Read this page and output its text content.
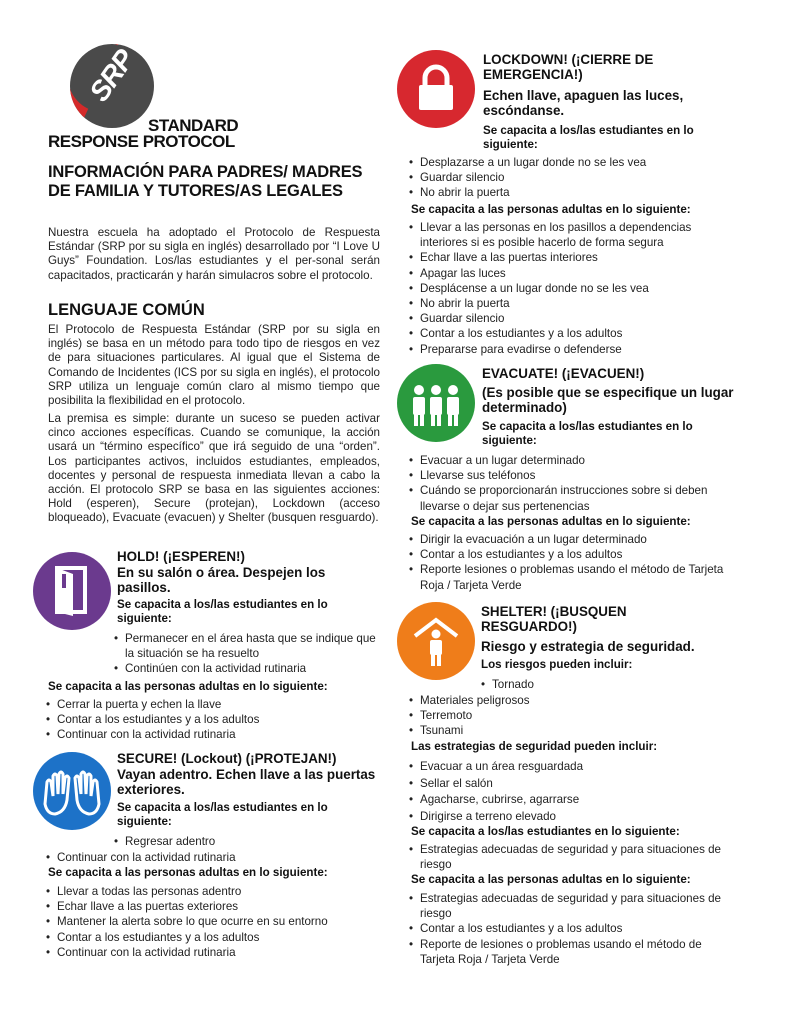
SRP
STANDARD
RESPONSE PROTOCOL
INFORMACIÓN PARA PADRES/ MADRES DE FAMILIA Y TUTORES/AS LEGALES
Nuestra escuela ha adoptado el Protocolo de Respuesta Estándar (SRP por su sigla en inglés) desarrollado por “I Love U Guys” Foundation. Los/las estudiantes y el per-sonal serán capacitados, practicarán y harán simulacros sobre el protocolo.
LENGUAJE COMÚN
El Protocolo de Respuesta Estándar (SRP por su sigla en inglés) se basa en un método para todo tipo de riesgos en vez de para situaciones particulares. Al igual que el Sistema de Comando de Incidentes (ICS por su sigla en inglés), el protocolo SRP utiliza un lenguaje común claro al mismo tiempo que posibilita la flexibilidad en el protocolo.
La premisa es simple: durante un suceso se pueden activar cinco acciones específicas. Cuando se comunique, la acción usará un “término específico” que irá seguido de una “orden”. Los participantes activos, incluidos estudiantes, empleados, docentes y personal de respuesta inmediata llevan a cabo la acción. El protocolo SRP se basa en las siguientes acciones: Hold (esperen), Secure (protejan), Lockdown (acceso bloqueado), Evacuate (evacuen) y Shelter (busquen resguardo).
HOLD! (¡ESPEREN!)
En su salón o área. Despejen los pasillos.
Se capacita a los/las estudiantes en lo siguiente:
• Permanecer en el área hasta que se indique que la situación se ha resuelto
• Continúen con la actividad rutinaria
Se capacita a las personas adultas en lo siguiente:
• Cerrar la puerta y echen la llave
• Contar a los estudiantes y a los adultos
• Continuar con la actividad rutinaria
SECURE! (Lockout) (¡PROTEJAN!)
Vayan adentro. Echen llave a las puertas exteriores.
Se capacita a los/las estudiantes en lo siguiente:
• Regresar adentro
• Continuar con la actividad rutinaria
Se capacita a las personas adultas en lo siguiente:
• Llevar a todas las personas adentro
• Echar llave a las puertas exteriores
• Mantener la alerta sobre lo que ocurre en su entorno
• Contar a los estudiantes y a los adultos
• Continuar con la actividad rutinaria
LOCKDOWN! (¡CIERRE DE EMERGENCIA!)
Echen llave, apaguen las luces, escóndanse.
Se capacita a los/las estudiantes en lo siguiente:
• Desplazarse a un lugar donde no se les vea
• Guardar silencio
• No abrir la puerta
Se capacita a las personas adultas en lo siguiente:
• Llevar a las personas en los pasillos a dependencias interiores si es posible hacerlo de forma segura
• Echar llave a las puertas interiores
• Apagar las luces
• Desplácense a un lugar donde no se les vea
• No abrir la puerta
• Guardar silencio
• Contar a los estudiantes y a los adultos
• Prepararse para evadirse o defenderse
EVACUATE! (¡EVACUEN!)
(Es posible que se especifique un lugar determinado)
Se capacita a los/las estudiantes en lo siguiente:
• Evacuar a un lugar determinado
• Llevarse sus teléfonos
• Cuándo se proporcionarán instrucciones sobre si deben llevarse o dejar sus pertenencias
Se capacita a las personas adultas en lo siguiente:
• Dirigir la evacuación a un lugar determinado
• Contar a los estudiantes y a los adultos
• Reporte lesiones o problemas usando el método de Tarjeta Roja / Tarjeta Verde
SHELTER! (¡BUSQUEN RESGUARDO!)
Riesgo y estrategia de seguridad.
Los riesgos pueden incluir:
• Tornado
• Materiales peligrosos
• Terremoto
• Tsunami
Las estrategias de seguridad pueden incluir:
• Evacuar a un área resguardada
• Sellar el salón
• Agacharse, cubrirse, agarrarse
• Dirigirse a terreno elevado
Se capacita a los/las estudiantes en lo siguiente:
• Estrategias adecuadas de seguridad y para situaciones de riesgo
Se capacita a las personas adultas en lo siguiente:
• Estrategias adecuadas de seguridad y para situaciones de riesgo
• Contar a los estudiantes y a los adultos
• Reporte de lesiones o problemas usando el método de Tarjeta Roja / Tarjeta Verde
